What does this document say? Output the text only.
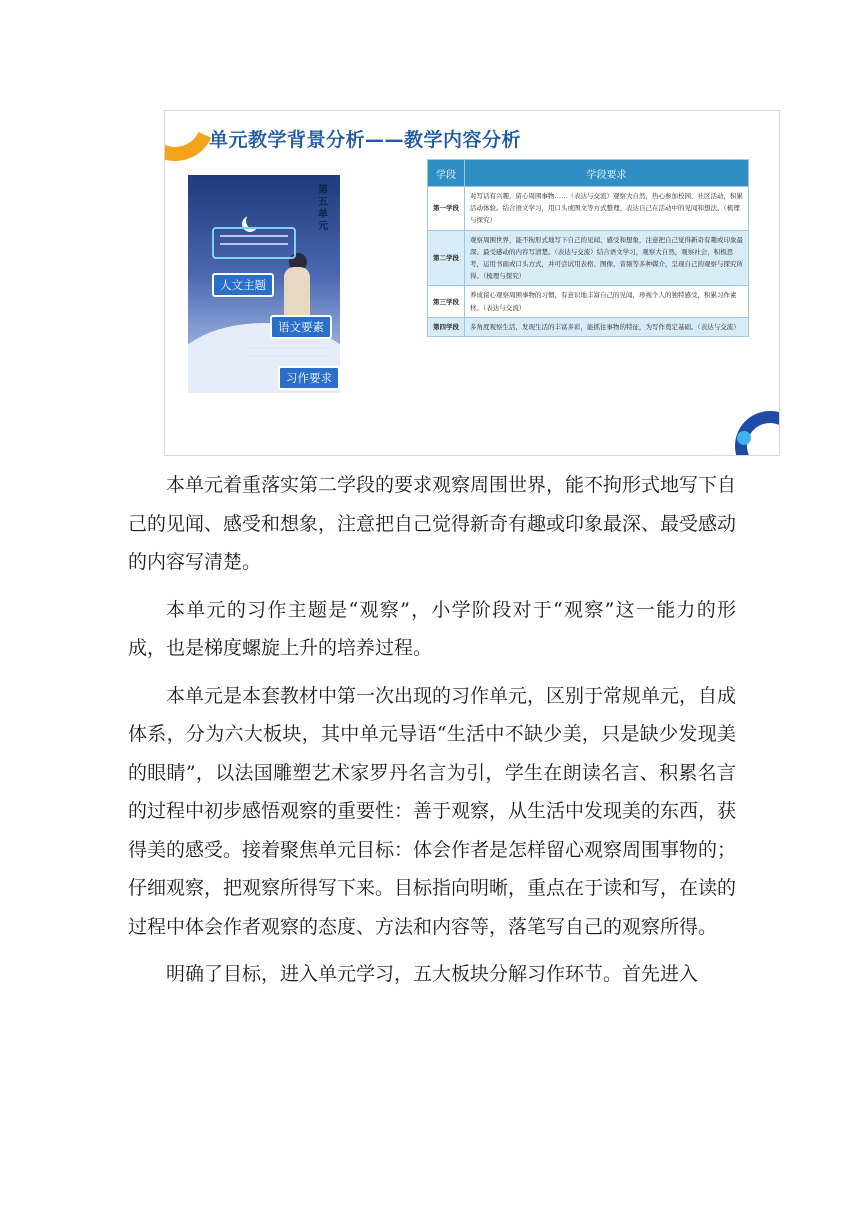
单元教学背景分析——教学内容分析
第
五
单
元
人文主题
语文要素
习作要求
学段	学段要求
第一学段	对写话有兴趣，留心周围事物……（表达与交流）观察大自然，热心参加校园、社区活动，积累活动体验。结合语文学习，用口头或图文等方式整理、表达自己在活动中的见闻和想法。（梳理与探究）
第二学段	观察周围世界，能不拘形式地写下自己的见闻、感受和想象，注意把自己觉得新奇有趣或印象最深、最受感动的内容写清楚。（表达与交流）结合语文学习，观察大自然，观察社会，积极思考，运用书面或口头方式，并可尝试用表格、图像、音频等多种媒介，呈现自己的观察与探究所得。（梳理与探究）
第三学段	养成留心观察周围事物的习惯，有意识地丰富自己的见闻，珍视个人的独特感受，积累习作素材。（表达与交流）
第四学段	多角度观察生活，发现生活的丰富多彩，能抓住事物的特征，为写作奠定基础。（表达与交流）

本单元着重落实第二学段的要求观察周围世界，能不拘形式地写下自己的见闻、感受和想象，注意把自己觉得新奇有趣或印象最深、最受感动的内容写清楚。

本单元的习作主题是“观察”，小学阶段对于“观察”这一能力的形成，也是梯度螺旋上升的培养过程。

本单元是本套教材中第一次出现的习作单元，区别于常规单元，自成体系，分为六大板块，其中单元导语“生活中不缺少美，只是缺少发现美的眼睛”，以法国雕塑艺术家罗丹名言为引，学生在朗读名言、积累名言的过程中初步感悟观察的重要性：善于观察，从生活中发现美的东西，获得美的感受。接着聚焦单元目标：体会作者是怎样留心观察周围事物的；仔细观察，把观察所得写下来。目标指向明晰，重点在于读和写，在读的过程中体会作者观察的态度、方法和内容等，落笔写自己的观察所得。

明确了目标，进入单元学习，五大板块分解习作环节。首先进入
